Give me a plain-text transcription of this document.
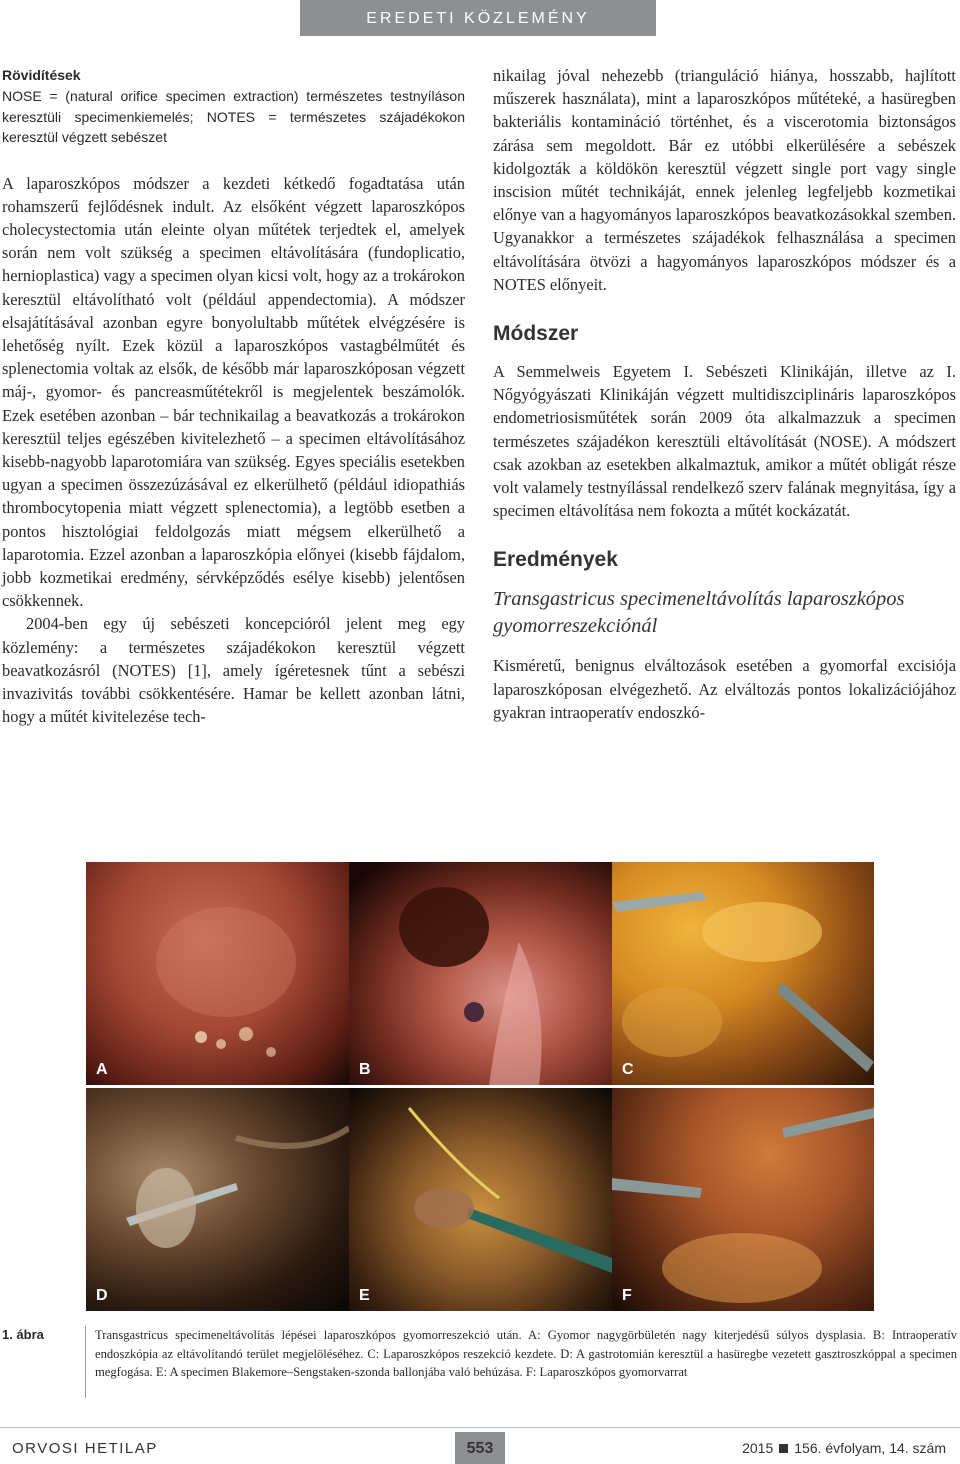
EREDETI KÖZLEMÉNY
Rövidítések
NOSE = (natural orifice specimen extraction) természetes testnyíláson keresztüli specimenkiemelés; NOTES = természetes szájadékokon keresztül végzett sebészet

A laparoszkópos módszer a kezdeti kétkedő fogadtatása után rohamszerű fejlődésnek indult. Az elsőként végzett laparoszkópos cholecystectomia után eleinte olyan műtétek terjedtek el, amelyek során nem volt szükség a specimen eltávolítására (fundoplicatio, hernioplastica) vagy a specimen olyan kicsi volt, hogy az a trokárokon keresztül eltávolítható volt (például appendectomia). A módszer elsajátításával azonban egyre bonyolultabb műtétek elvégzésére is lehetőség nyílt. Ezek közül a laparoszkópos vastagbélműtét és splenectomia voltak az elsők, de később már laparoszkóposan végzett máj-, gyomor- és pancreasműtétekről is megjelentek beszámolók. Ezek esetében azonban – bár technikailag a beavatkozás a trokárokon keresztül teljes egészében kivitelezhető – a specimen eltávolításához kisebb-nagyobb laparotomiára van szükség. Egyes speciális esetekben ugyan a specimen összezúzásával ez elkerülhető (például idiopathiás thrombocytopenia miatt végzett splenectomia), a legtöbb esetben a pontos hisztológiai feldolgozás miatt mégsem elkerülhető a laparotomia. Ezzel azonban a laparoszkópia előnyei (kisebb fájdalom, jobb kozmetikai eredmény, sérvképződés esélye kisebb) jelentősen csökkennek.

2004-ben egy új sebészeti koncepcióról jelent meg egy közlemény: a természetes szájadékokon keresztül végzett beavatkozásról (NOTES) [1], amely ígéretesnek tűnt a sebészi invazivitás további csökkentésére. Hamar be kellett azonban látni, hogy a műtét kivitelezése tech-

nikailag jóval nehezebb (trianguláció hiánya, hosszabb, hajlított műszerek használata), mint a laparoszkópos műtéteké, a hasüregben bakteriális kontamináció történhet, és a viscerotomia biztonságos zárása sem megoldott. Bár ez utóbbi elkerülésére a sebészek kidolgozták a köldökön keresztül végzett single port vagy single inscision műtét technikáját, ennek jelenleg legfeljebb kozmetikai előnye van a hagyományos laparoszkópos beavatkozásokkal szemben. Ugyanakkor a természetes szájadékok felhasználása a specimen eltávolítására ötvözi a hagyományos laparoszkópos módszer és a NOTES előnyeit.

Módszer

A Semmelweis Egyetem I. Sebészeti Klinikáján, illetve az I. Nőgyógyászati Klinikáján végzett multidiszciplináris laparoszkópos endometriosisműtétek során 2009 óta alkalmazzuk a specimen természetes szájadékon keresztüli eltávolítását (NOSE). A módszert csak azokban az esetekben alkalmaztuk, amikor a műtét obligát része volt valamely testnyílással rendelkező szerv falának megnyitása, így a specimen eltávolítása nem fokozta a műtét kockázatát.

Eredmények
Transgastricus specimeneltávolítás laparoszkópos gyomorreszekciónál

Kisméretű, benignus elváltozások esetében a gyomorfal excisiója laparoszkóposan elvégezhető. Az elváltozás pontos lokalizációjához gyakran intraoperatív endoszkó-

A	B	C
D	E	F
1. ábra	Transgastricus specimeneltávolítás lépései laparoszkópos gyomorreszekció után. A: Gyomor nagygörbületén nagy kiterjedésű súlyos dysplasia. B: Intraoperatív endoszkópia az eltávolítandó terület megjelöléséhez. C: Laparoszkópos reszekció kezdete. D: A gastrotomián keresztül a hasüregbe vezetett gasztroszkóppal a specimen megfogása. E: A specimen Blakemore–Sengstaken-szonda ballonjába való behúzása. F: Laparoszkópos gyomorvarrat
ORVOSI HETILAP	553	2015 156. évfolyam, 14. szám
